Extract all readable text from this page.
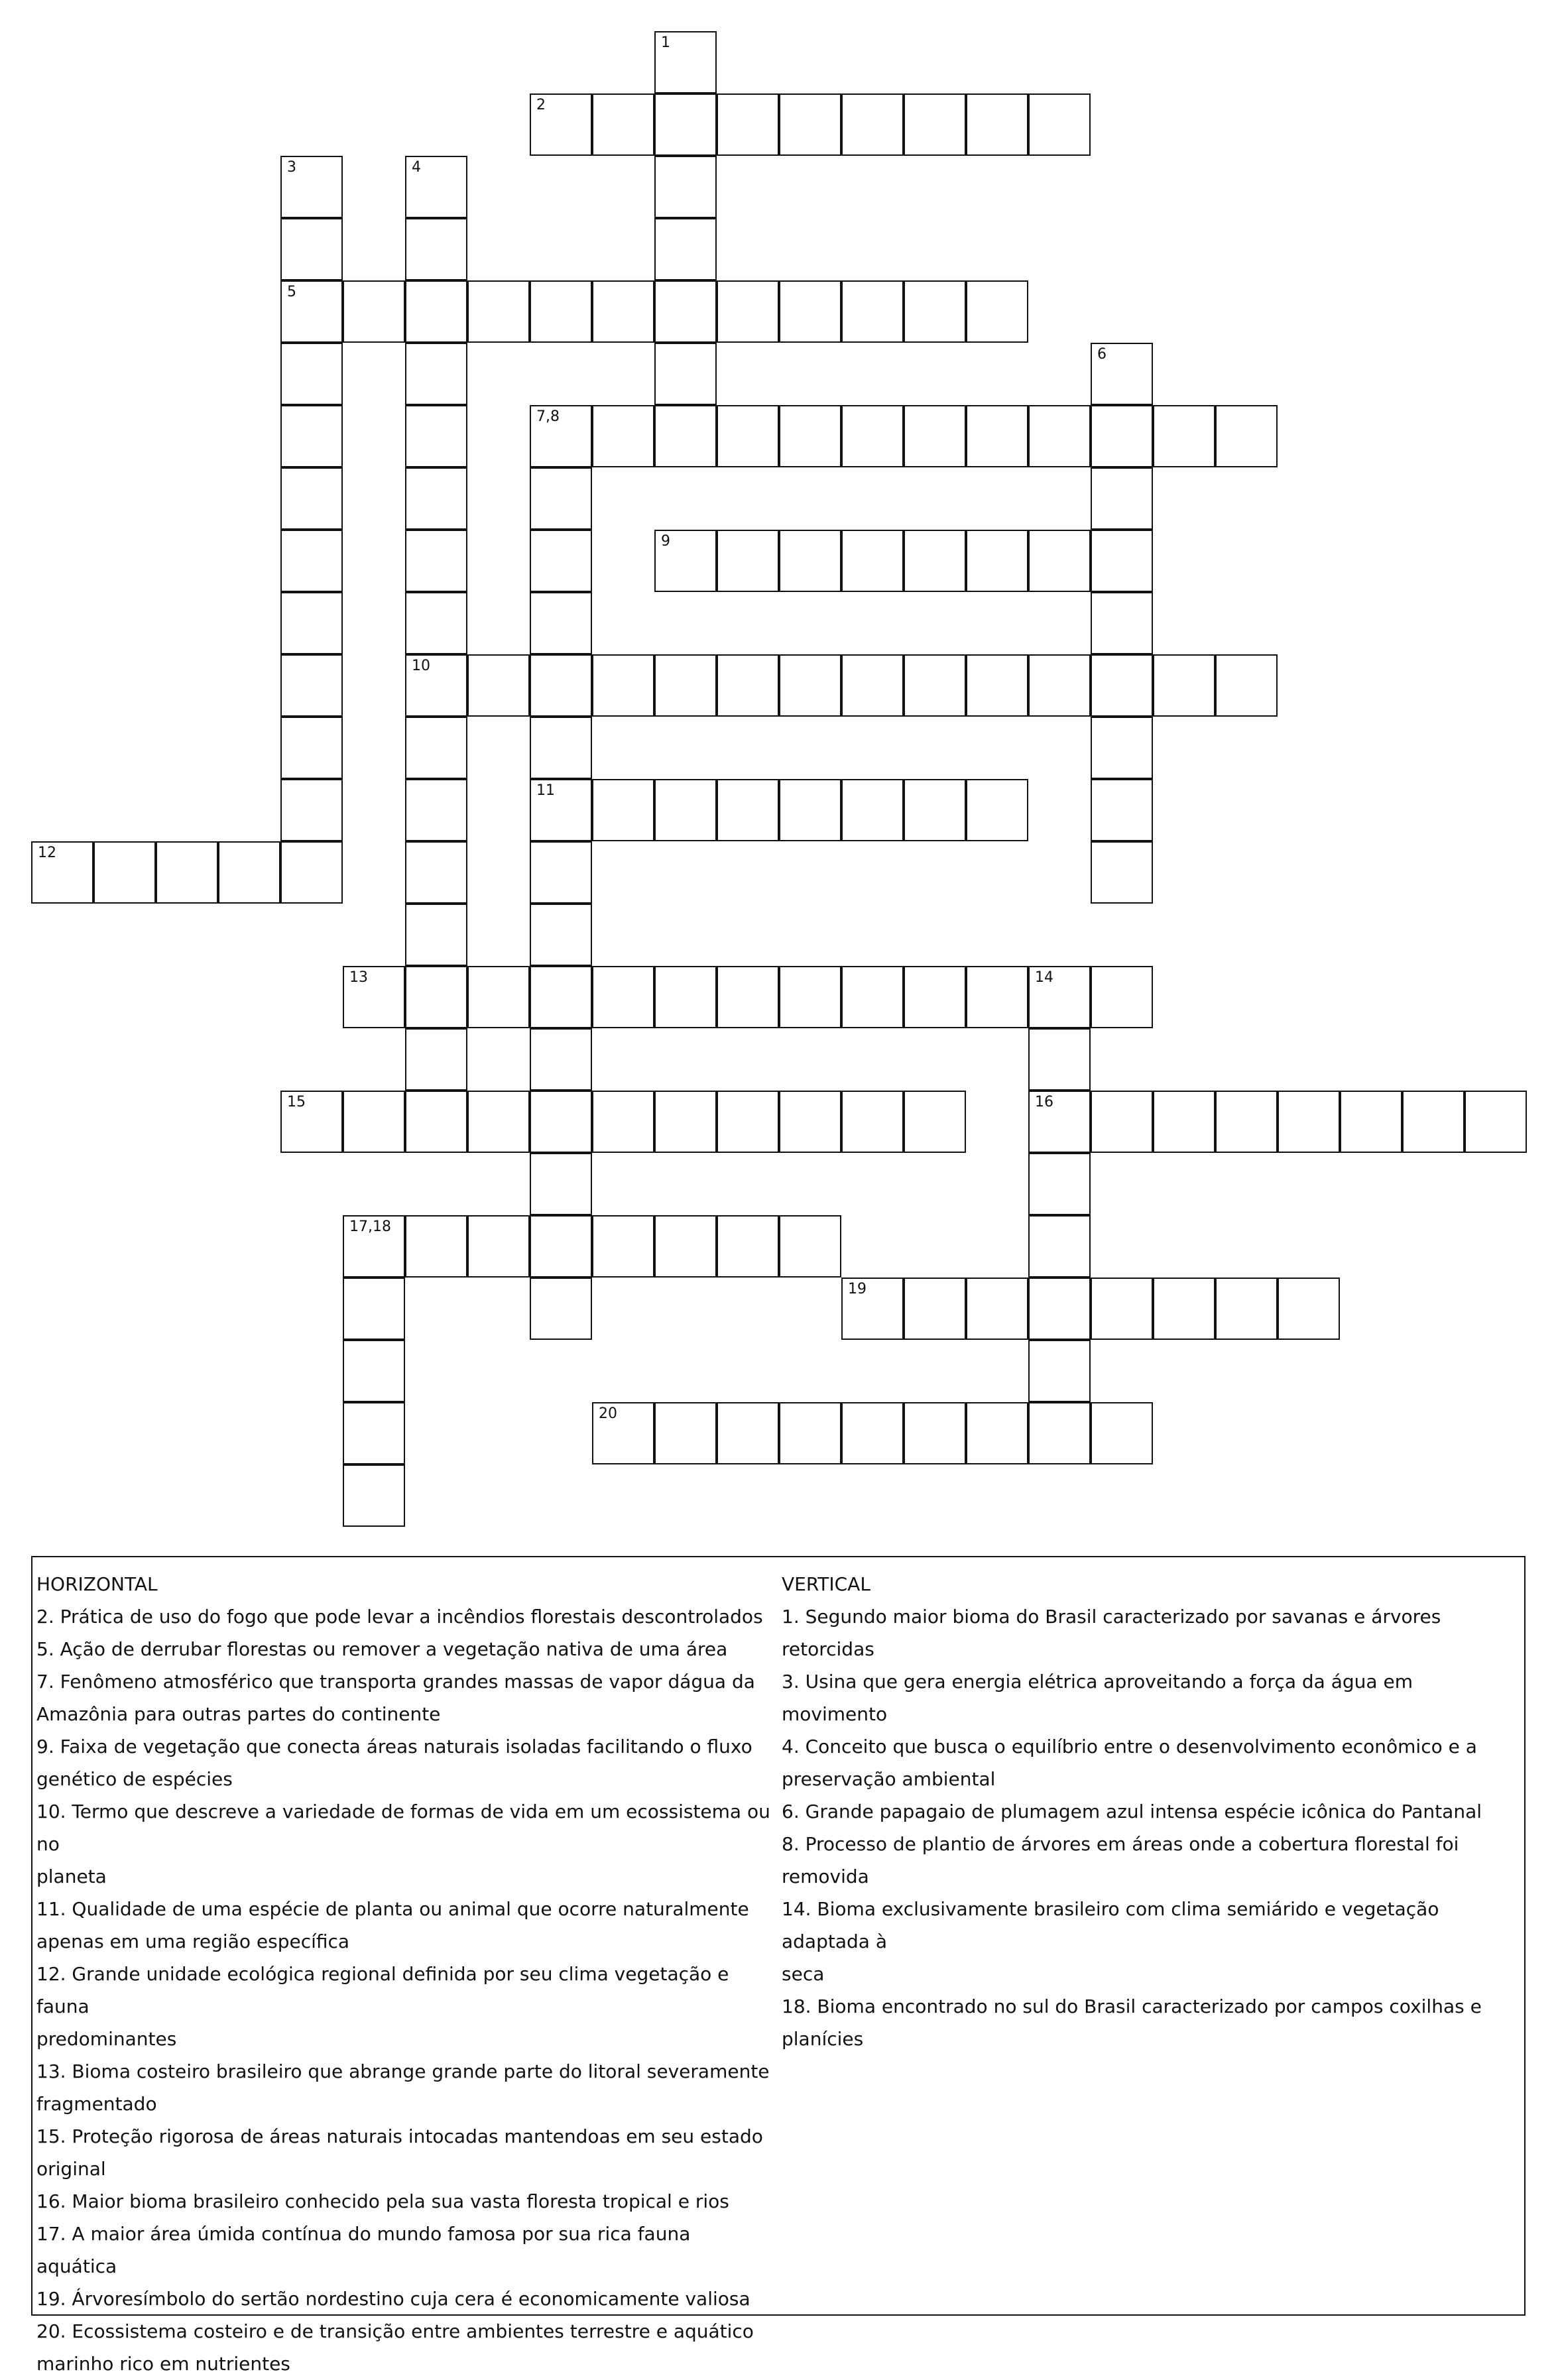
1
2
3	4
5
6
7,8
9
10
11
12
13	14
15	16
17,18
19
20
HORIZONTAL
2. Prática de uso do fogo que pode levar a incêndios florestais descontrolados
5. Ação de derrubar florestas ou remover a vegetação nativa de uma área
7. Fenômeno atmosférico que transporta grandes massas de vapor dágua da
Amazônia para outras partes do continente
9. Faixa de vegetação que conecta áreas naturais isoladas facilitando o fluxo
genético de espécies
10. Termo que descreve a variedade de formas de vida em um ecossistema ou no
planeta
11. Qualidade de uma espécie de planta ou animal que ocorre naturalmente
apenas em uma região específica
12. Grande unidade ecológica regional definida por seu clima vegetação e fauna
predominantes
13. Bioma costeiro brasileiro que abrange grande parte do litoral severamente
fragmentado
15. Proteção rigorosa de áreas naturais intocadas mantendoas em seu estado
original
16. Maior bioma brasileiro conhecido pela sua vasta floresta tropical e rios
17. A maior área úmida contínua do mundo famosa por sua rica fauna aquática
19. Árvoresímbolo do sertão nordestino cuja cera é economicamente valiosa
20. Ecossistema costeiro e de transição entre ambientes terrestre e aquático
marinho rico em nutrientes
VERTICAL
1. Segundo maior bioma do Brasil caracterizado por savanas e árvores retorcidas
3. Usina que gera energia elétrica aproveitando a força da água em movimento
4. Conceito que busca o equilíbrio entre o desenvolvimento econômico e a
preservação ambiental
6. Grande papagaio de plumagem azul intensa espécie icônica do Pantanal
8. Processo de plantio de árvores em áreas onde a cobertura florestal foi removida
14. Bioma exclusivamente brasileiro com clima semiárido e vegetação adaptada à
seca
18. Bioma encontrado no sul do Brasil caracterizado por campos coxilhas e
planícies
